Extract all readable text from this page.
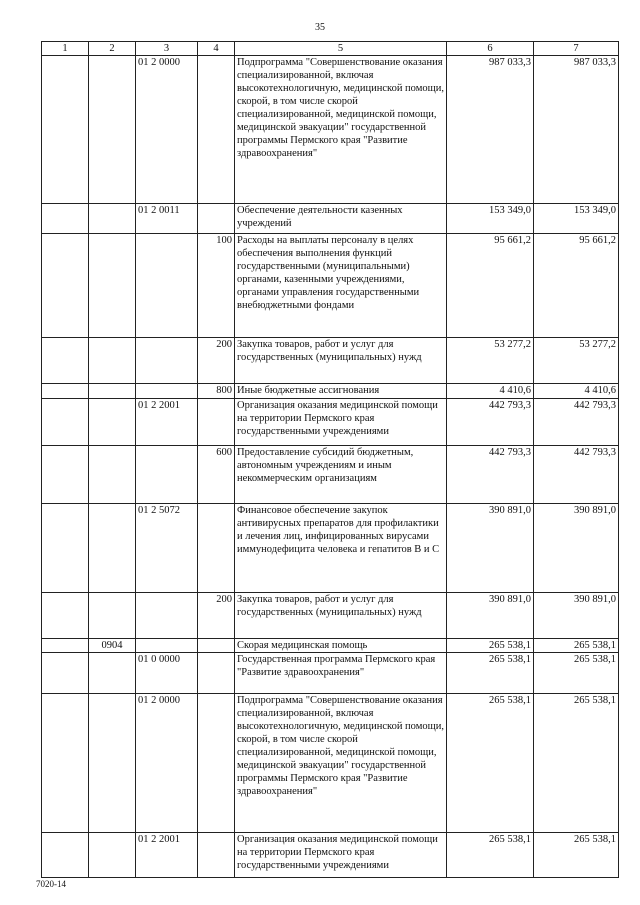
35
1	2	3	4	5	6	7
		01 2 0000		Подпрограмма "Совершенствование оказания специализированной, включая высокотехнологичную, медицинской помощи, скорой, в том числе скорой специализированной, медицинской помощи, медицинской эвакуации" государственной программы Пермского края "Развитие здравоохранения"	987 033,3	987 033,3
		01 2 0011		Обеспечение деятельности казенных учреждений	153 349,0	153 349,0
			100	Расходы на выплаты персоналу в целях обеспечения выполнения функций государственными (муниципальными) органами, казенными учреждениями, органами управления государственными внебюджетными фондами	95 661,2	95 661,2
			200	Закупка товаров, работ и услуг для государственных (муниципальных) нужд	53 277,2	53 277,2
			800	Иные бюджетные ассигнования	4 410,6	4 410,6
		01 2 2001		Организация оказания медицинской помощи на территории Пермского края государственными учреждениями	442 793,3	442 793,3
			600	Предоставление субсидий бюджетным, автономным учреждениям и иным некоммерческим организациям	442 793,3	442 793,3
		01 2 5072		Финансовое обеспечение закупок антивирусных препаратов для профилактики и лечения лиц, инфицированных вирусами иммунодефицита человека и гепатитов В и С	390 891,0	390 891,0
			200	Закупка товаров, работ и услуг для государственных (муниципальных) нужд	390 891,0	390 891,0
	0904			Скорая медицинская помощь	265 538,1	265 538,1
		01 0 0000		Государственная программа Пермского края "Развитие здравоохранения"	265 538,1	265 538,1
		01 2 0000		Подпрограмма "Совершенствование оказания специализированной, включая высокотехнологичную, медицинской помощи, скорой, в том числе скорой специализированной, медицинской помощи, медицинской эвакуации" государственной программы Пермского края "Развитие здравоохранения"	265 538,1	265 538,1
		01 2 2001		Организация оказания медицинской помощи на территории Пермского края государственными учреждениями	265 538,1	265 538,1
7020-14
